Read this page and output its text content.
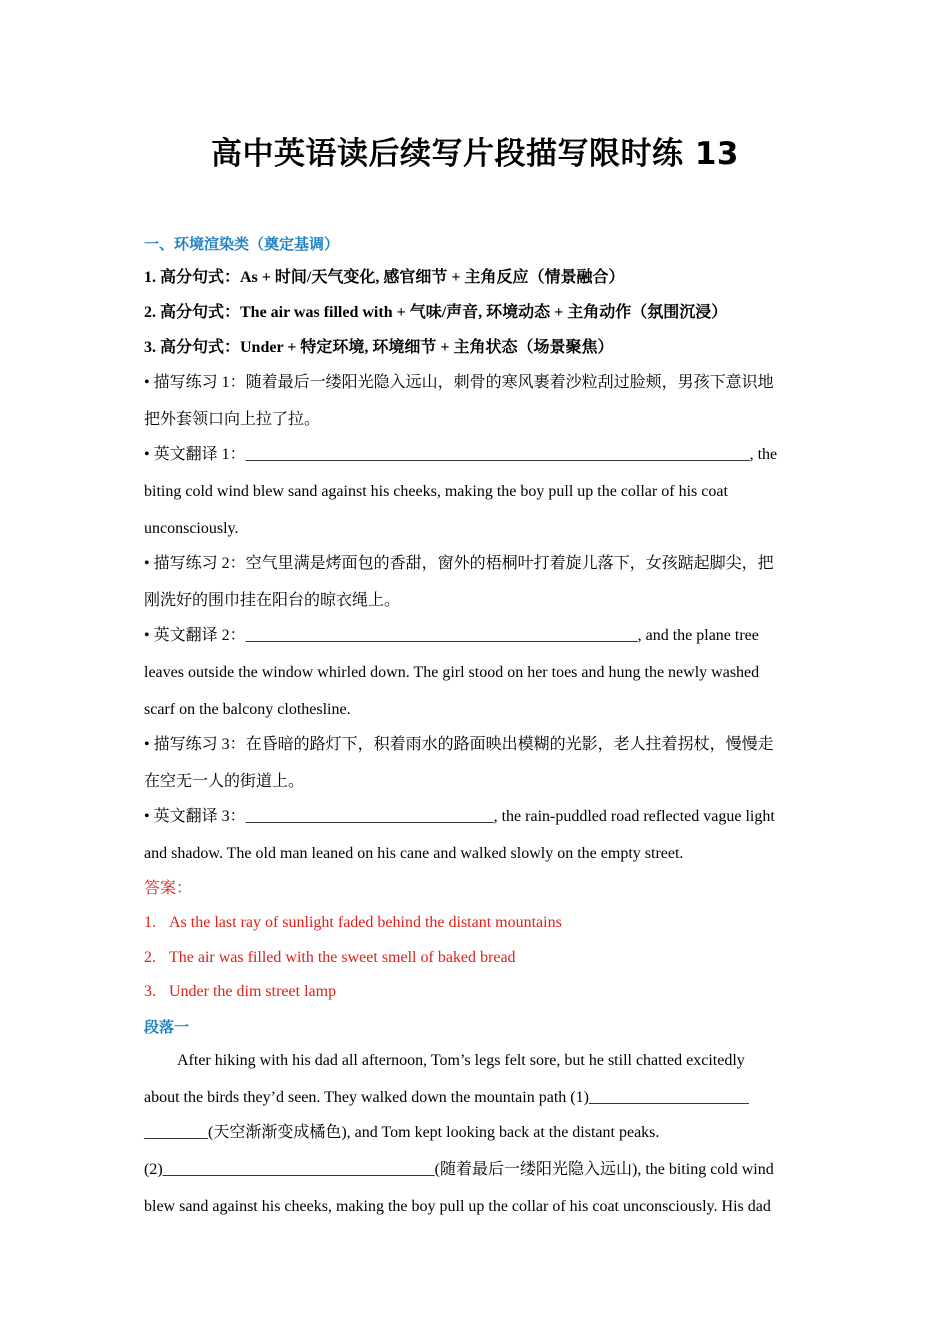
高中英语读后续写片段描写限时练 13
一、环境渲染类（奠定基调）
1. 高分句式：As + 时间/天气变化, 感官细节 + 主角反应（情景融合）
2. 高分句式：The air was filled with + 气味/声音, 环境动态 + 主角动作（氛围沉浸）
3. 高分句式：Under + 特定环境, 环境细节 + 主角状态（场景聚焦）
• 描写练习 1：随着最后一缕阳光隐入远山，刺骨的寒风裹着沙粒刮过脸颊，男孩下意识地
把外套领口向上拉了拉。
• 英文翻译 1：_______________________________________________________________, the
biting cold wind blew sand against his cheeks, making the boy pull up the collar of his coat
unconsciously.
• 描写练习 2：空气里满是烤面包的香甜，窗外的梧桐叶打着旋儿落下，女孩踮起脚尖，把
刚洗好的围巾挂在阳台的晾衣绳上。
• 英文翻译 2：_________________________________________________, and the plane tree
leaves outside the window whirled down. The girl stood on her toes and hung the newly washed
scarf on the balcony clothesline.
• 描写练习 3：在昏暗的路灯下，积着雨水的路面映出模糊的光影，老人拄着拐杖，慢慢走
在空无一人的街道上。
• 英文翻译 3：_______________________________, the rain-puddled road reflected vague light
and shadow. The old man leaned on his cane and walked slowly on the empty street.
答案：
1. As the last ray of sunlight faded behind the distant mountains
2. The air was filled with the sweet smell of baked bread
3. Under the dim street lamp
段落一
After hiking with his dad all afternoon, Tom’s legs felt sore, but he still chatted excitedly
about the birds they’d seen. They walked down the mountain path (1)____________________
________(天空渐渐变成橘色), and Tom kept looking back at the distant peaks.
(2)__________________________________(随着最后一缕阳光隐入远山), the biting cold wind
blew sand against his cheeks, making the boy pull up the collar of his coat unconsciously. His dad
